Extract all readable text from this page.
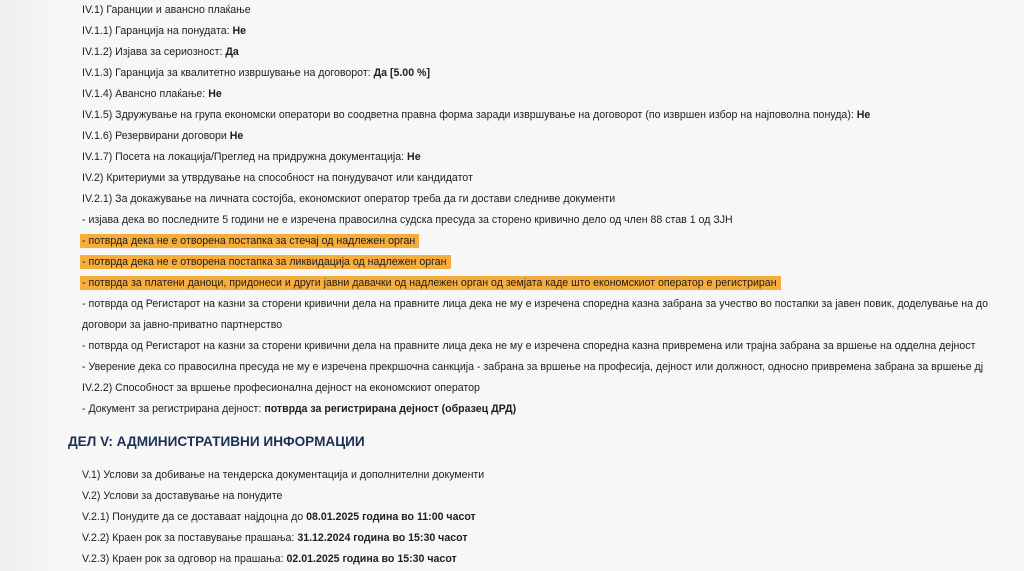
IV.1) Гаранции и авансно плаќање
IV.1.1) Гаранција на понудата: Не
IV.1.2) Изјава за сериозност: Да
IV.1.3) Гаранција за квалитетно извршување на договорот: Да [5.00 %]
IV.1.4) Авансно плаќање: Не
IV.1.5) Здружување на група економски оператори во соодветна правна форма заради извршување на договорот (по извршен избор на најповолна понуда): Не
IV.1.6) Резервирани договори Не
IV.1.7) Посета на локација/Преглед на придружна документација: Не
IV.2) Критериуми за утврдување на способност на понудувачот или кандидатот
IV.2.1) За докажување на личната состојба, економскиот оператор треба да ги достави следниве документи
- изјава дека во последните 5 години не е изречена правосилна судска пресуда за сторено кривично дело од член 88 став 1 од ЗЈН
- потврда дека не е отворена постапка за стечај од надлежен орган
- потврда дека не е отворена постапка за ликвидација од надлежен орган
- потврда за платени даноци, придонеси и други јавни давачки од надлежен орган од земјата каде што економскиот оператор е регистриран
- потврда од Регистарот на казни за сторени кривични дела на правните лица дека не му е изречена споредна казна забрана за учество во постапки за јавен повик, доделување на до
договори за јавно-приватно партнерство
- потврда од Регистарот на казни за сторени кривични дела на правните лица дека не му е изречена споредна казна привремена или трајна забрана за вршење на одделна дејност
- Уверение дека со правосилна пресуда не му е изречена прекршочна санкција - забрана за вршење на професија, дејност или должност, односно привремена забрана за вршење дј
IV.2.2) Способност за вршење професионална дејност на економскиот оператор
- Документ за регистрирана дејност: потврда за регистрирана дејност (образец ДРД)
ДЕЛ V: АДМИНИСТРАТИВНИ ИНФОРМАЦИИ
V.1) Услови за добивање на тендерска документација и дополнителни документи
V.2) Услови за доставување на понудите
V.2.1) Понудите да се доставаат најдоцна до 08.01.2025 година во 11:00 часот
V.2.2) Краен рок за поставување прашања: 31.12.2024 година во 15:30 часот
V.2.3) Краен рок за одговор на прашања: 02.01.2025 година во 15:30 часот
